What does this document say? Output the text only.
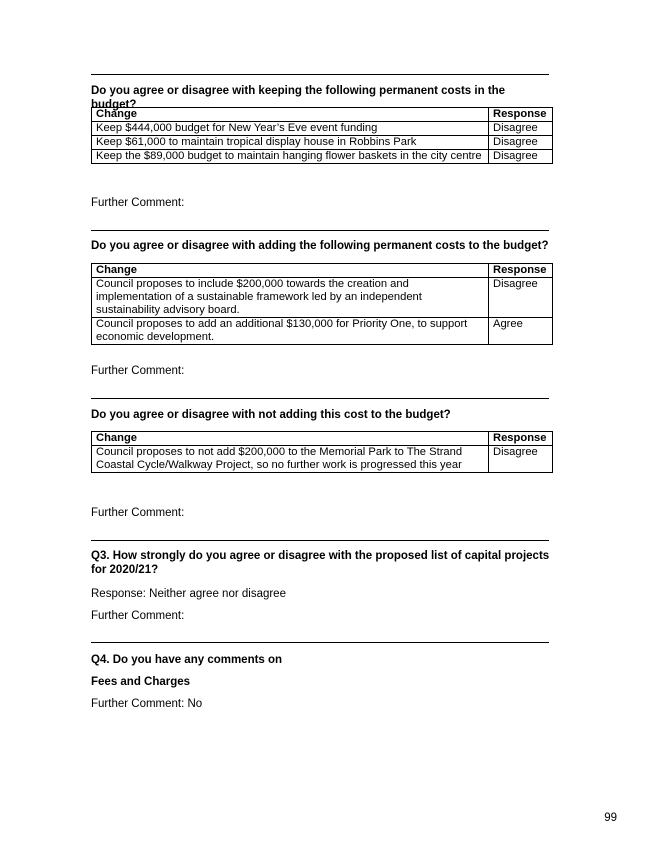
Do you agree or disagree with keeping the following permanent costs in the budget?
Change	Response
Keep $444,000 budget for New Year’s Eve event funding	Disagree
Keep $61,000 to maintain tropical display house in Robbins Park	Disagree
Keep the $89,000 budget to maintain hanging flower baskets in the city centre	Disagree
Further Comment:
Do you agree or disagree with adding the following permanent costs to the budget?
Change	Response
Council proposes to include $200,000 towards the creation and implementation of a sustainable framework led by an independent sustainability advisory board.	Disagree
Council proposes to add an additional $130,000 for Priority One, to support economic development.	Agree
Further Comment:
Do you agree or disagree with not adding this cost to the budget?
Change	Response
Council proposes to not add $200,000 to the Memorial Park to The Strand Coastal Cycle/Walkway Project, so no further work is progressed this year	Disagree
Further Comment:
Q3. How strongly do you agree or disagree with the proposed list of capital projects for 2020/21?
Response: Neither agree nor disagree
Further Comment:
Q4. Do you have any comments on
Fees and Charges
Further Comment: No
99
